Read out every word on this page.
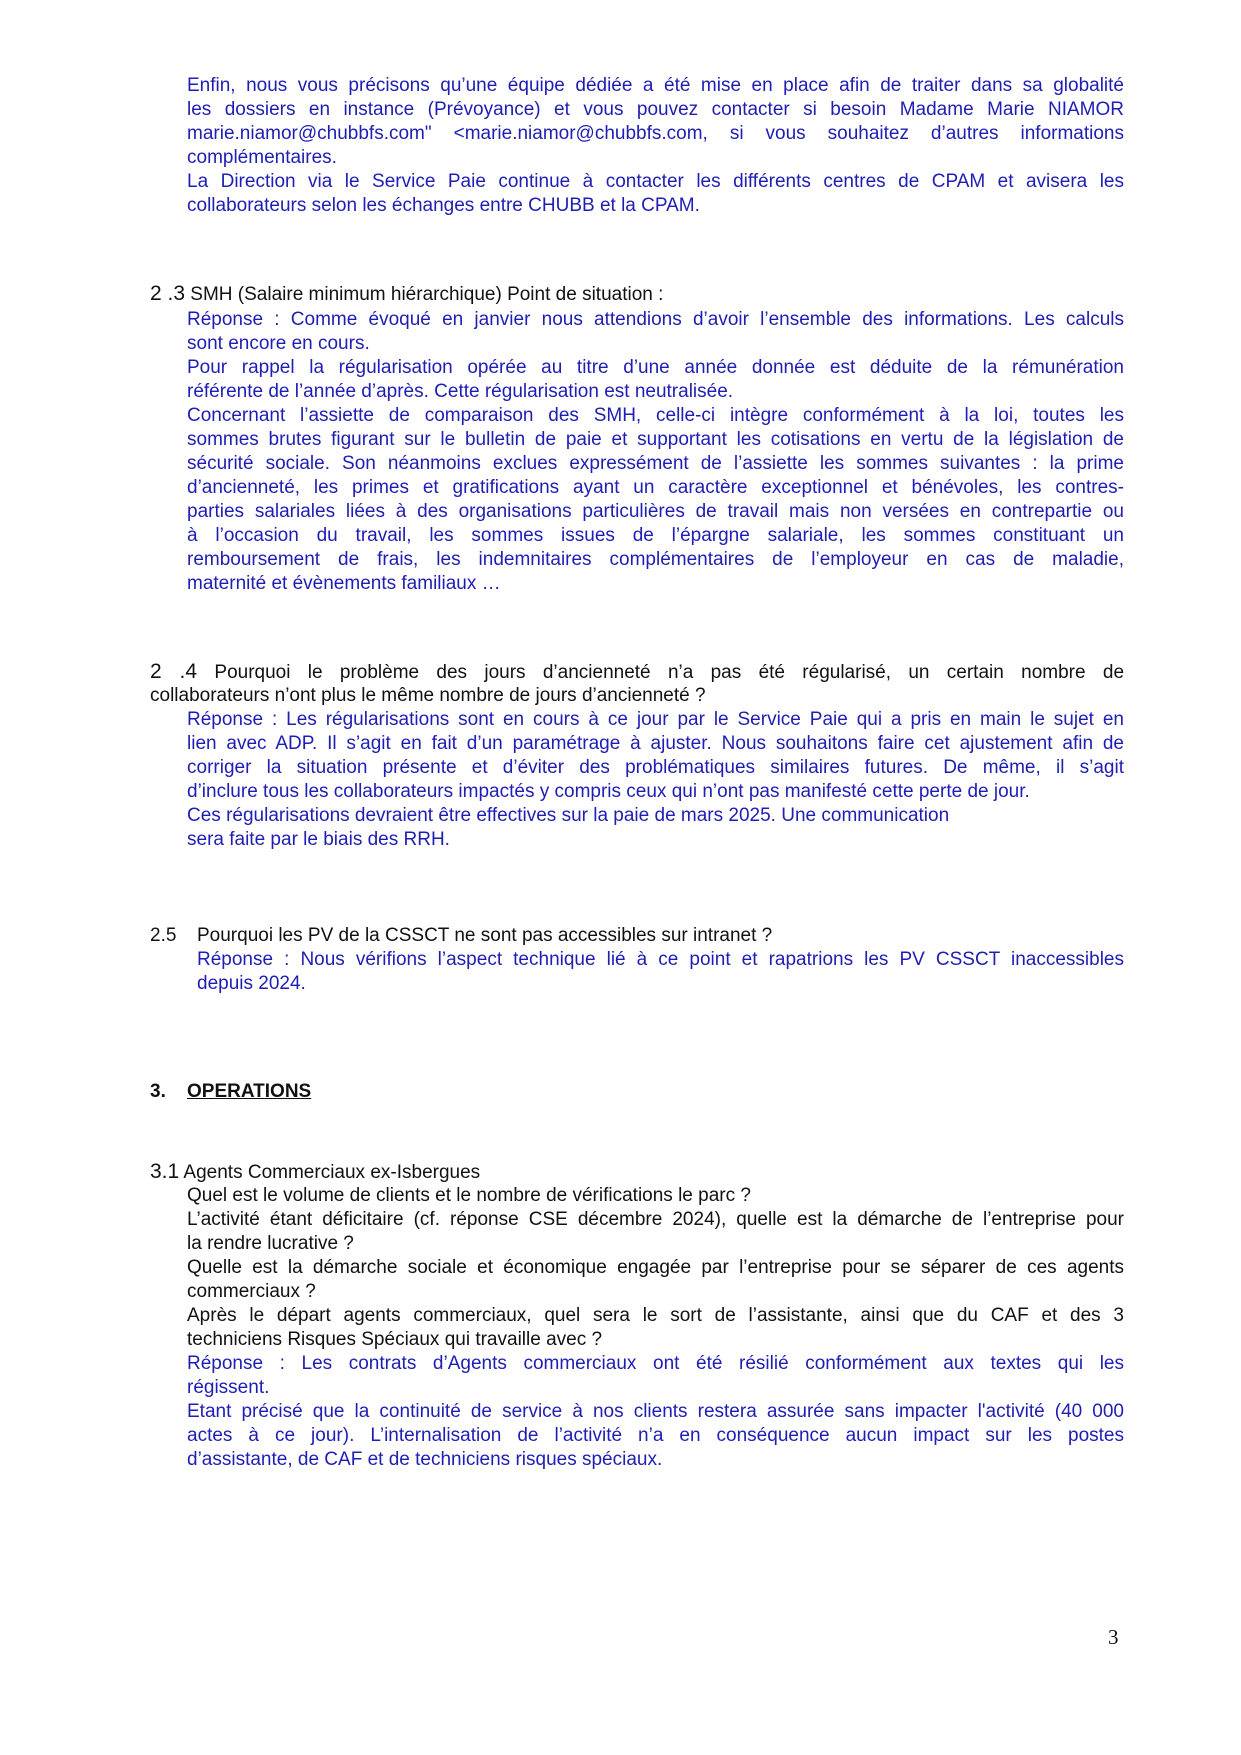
Enfin, nous vous précisons qu’une équipe dédiée a été mise en place afin de traiter dans sa globalité
les dossiers en instance (Prévoyance) et vous pouvez contacter si besoin Madame Marie NIAMOR
marie.niamor@chubbfs.com" <marie.niamor@chubbfs.com, si vous souhaitez d’autres informations
complémentaires.
La Direction via le Service Paie continue à contacter les différents centres de CPAM et avisera les
collaborateurs selon les échanges entre CHUBB et la CPAM.
2 .3 SMH (Salaire minimum hiérarchique) Point de situation :
Réponse : Comme évoqué en janvier nous attendions d’avoir l’ensemble des informations. Les calculs
sont encore en cours.
Pour rappel la régularisation opérée au titre d’une année donnée est déduite de la rémunération
référente de l’année d’après. Cette régularisation est neutralisée.
Concernant l’assiette de comparaison des SMH, celle-ci intègre conformément à la loi, toutes les
sommes brutes figurant sur le bulletin de paie et supportant les cotisations en vertu de la législation de
sécurité sociale. Son néanmoins exclues expressément de l’assiette les sommes suivantes : la prime
d’ancienneté, les primes et gratifications ayant un caractère exceptionnel et bénévoles, les contres-
parties salariales liées à des organisations particulières de travail mais non versées en contrepartie ou
à l’occasion du travail, les sommes issues de l’épargne salariale, les sommes constituant un
remboursement de frais, les indemnitaires complémentaires de l’employeur en cas de maladie,
maternité et évènements familiaux …
2 .4 Pourquoi le problème des jours d’ancienneté n’a pas été régularisé, un certain nombre de
collaborateurs n’ont plus le même nombre de jours d’ancienneté ?
Réponse : Les régularisations sont en cours à ce jour par le Service Paie qui a pris en main le sujet en
lien avec ADP. Il s’agit en fait d’un paramétrage à ajuster. Nous souhaitons faire cet ajustement afin de
corriger la situation présente et d’éviter des problématiques similaires futures. De même, il s’agit
d’inclure tous les collaborateurs impactés y compris ceux qui n’ont pas manifesté cette perte de jour.
Ces régularisations devraient être effectives sur la paie de mars 2025. Une communication
sera faite par le biais des RRH.
2.5 Pourquoi les PV de la CSSCT ne sont pas accessibles sur intranet ?
Réponse : Nous vérifions l’aspect technique lié à ce point et rapatrions les PV CSSCT inaccessibles
depuis 2024.
3. OPERATIONS
3.1 Agents Commerciaux ex-Isbergues
Quel est le volume de clients et le nombre de vérifications le parc ?
L’activité étant déficitaire (cf. réponse CSE décembre 2024), quelle est la démarche de l’entreprise pour
la rendre lucrative ?
Quelle est la démarche sociale et économique engagée par l’entreprise pour se séparer de ces agents
commerciaux ?
Après le départ agents commerciaux, quel sera le sort de l’assistante, ainsi que du CAF et des 3
techniciens Risques Spéciaux qui travaille avec ?
Réponse : Les contrats d’Agents commerciaux ont été résilié conformément aux textes qui les
régissent.
Etant précisé que la continuité de service à nos clients restera assurée sans impacter l'activité (40 000
actes à ce jour). L’internalisation de l’activité n’a en conséquence aucun impact sur les postes
d’assistante, de CAF et de techniciens risques spéciaux.
3
